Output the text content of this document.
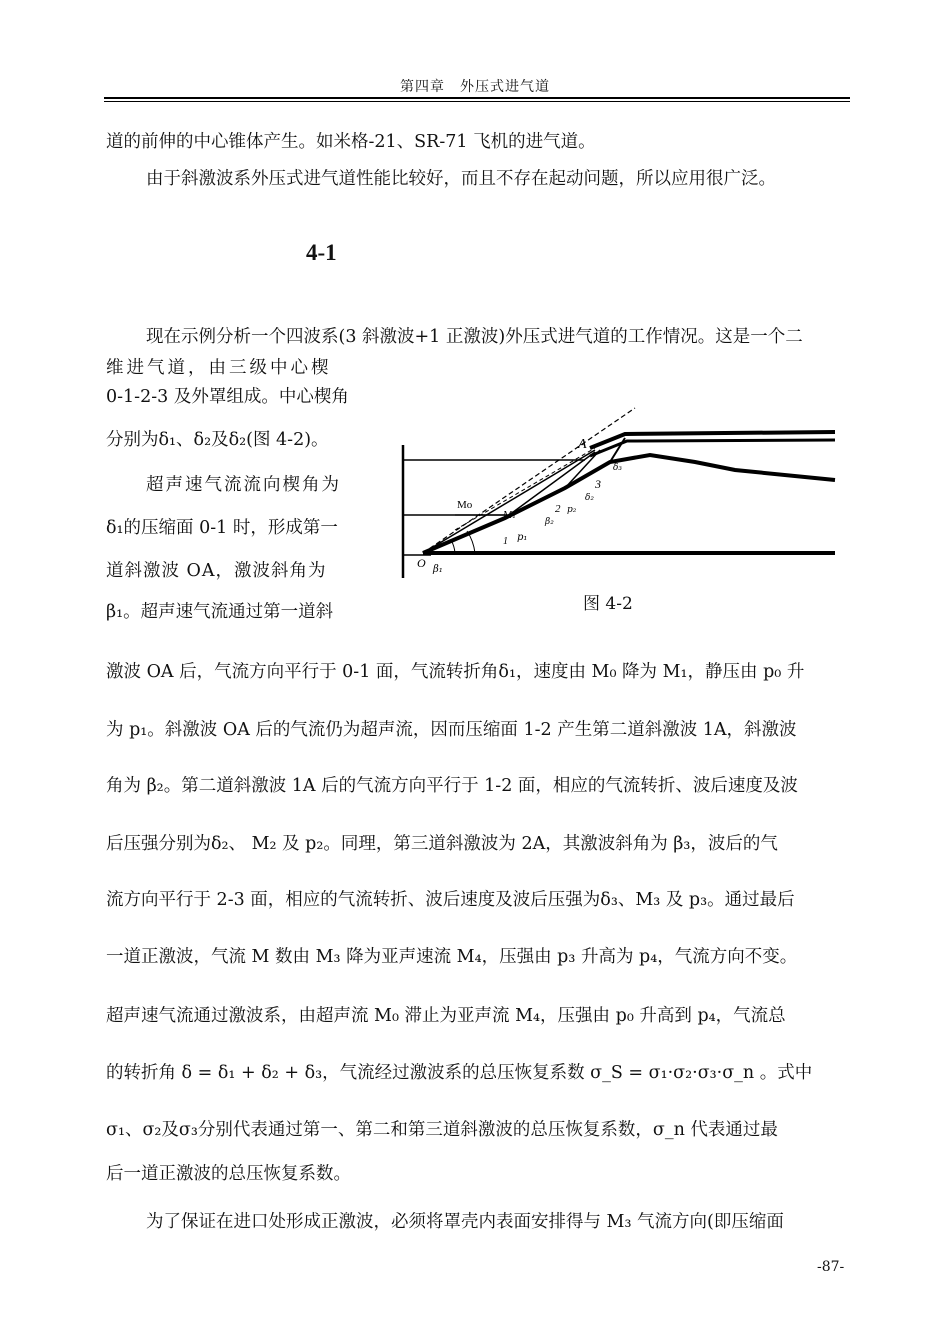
第四章　外压式进气道
道的前伸的中心锥体产生。如米格-21、SR-71 飞机的进气道。
由于斜激波系外压式进气道性能比较好，而且不存在起动问题，所以应用很广泛。
4-1
现在示例分析一个四波系(3 斜激波+1 正激波)外压式进气道的工作情况。这是一个二
维进气道，由三级中心楔
0-1-2-3 及外罩组成。中心楔角
分别为δ₁、δ₂及δ₂(图 4-2)。
超声速气流流向楔角为
δ₁的压缩面 0-1 时，形成第一
道斜激波 OA，激波斜角为
β₁。超声速气流通过第一道斜
A
Mo
O β₁
M₁
1 p₁
2 p₂
β₂
3
δ₂
δ₃
图 4-2
激波 OA 后，气流方向平行于 0-1 面，气流转折角δ₁，速度由 M₀ 降为 M₁，静压由 p₀ 升
为 p₁。斜激波 OA 后的气流仍为超声流，因而压缩面 1-2 产生第二道斜激波 1A，斜激波
角为 β₂。第二道斜激波 1A 后的气流方向平行于 1-2 面，相应的气流转折、波后速度及波
后压强分别为δ₂、 M₂ 及 p₂。同理，第三道斜激波为 2A，其激波斜角为 β₃，波后的气
流方向平行于 2-3 面，相应的气流转折、波后速度及波后压强为δ₃、M₃ 及 p₃。通过最后
一道正激波，气流 M 数由 M₃ 降为亚声速流 M₄，压强由 p₃ 升高为 p₄，气流方向不变。
超声速气流通过激波系，由超声流 M₀ 滞止为亚声流 M₄，压强由 p₀ 升高到 p₄，气流总
的转折角 δ = δ₁ + δ₂ + δ₃，气流经过激波系的总压恢复系数 σ_S = σ₁·σ₂·σ₃·σ_n 。式中
σ₁、σ₂及σ₃分别代表通过第一、第二和第三道斜激波的总压恢复系数，σ_n 代表通过最
后一道正激波的总压恢复系数。
为了保证在进口处形成正激波，必须将罩壳内表面安排得与 M₃ 气流方向(即压缩面
-87-
